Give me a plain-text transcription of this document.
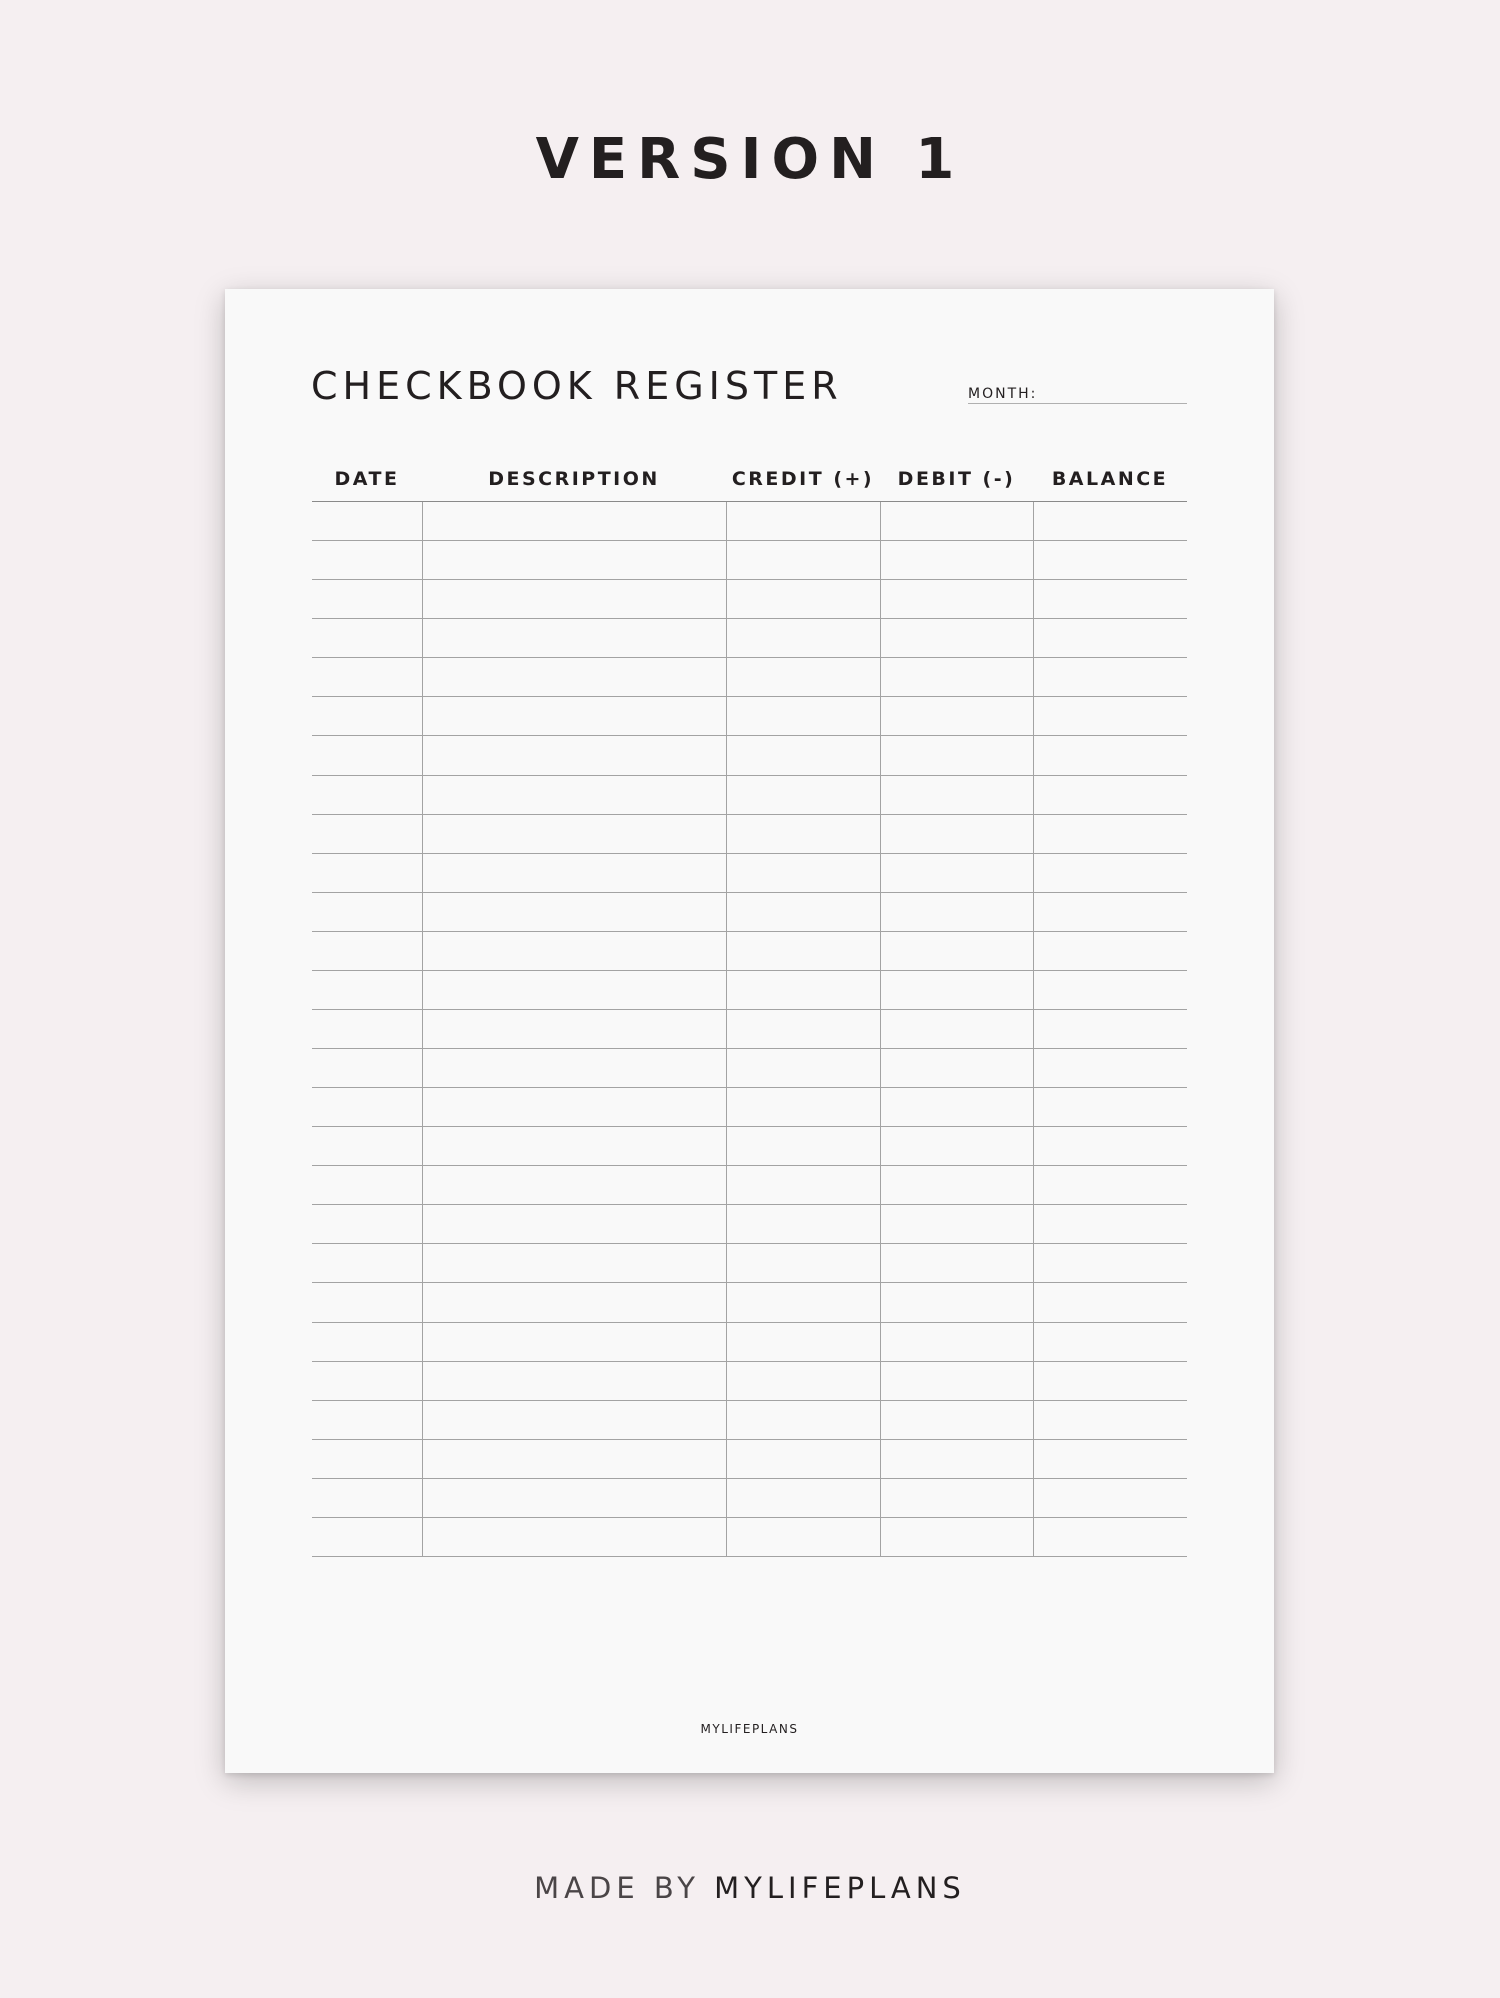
VERSION 1
CHECKBOOK REGISTER	MONTH:
DATE	DESCRIPTION	CREDIT (+)	DEBIT (-)	BALANCE
MYLIFEPLANS
MADE BY MYLIFEPLANS
